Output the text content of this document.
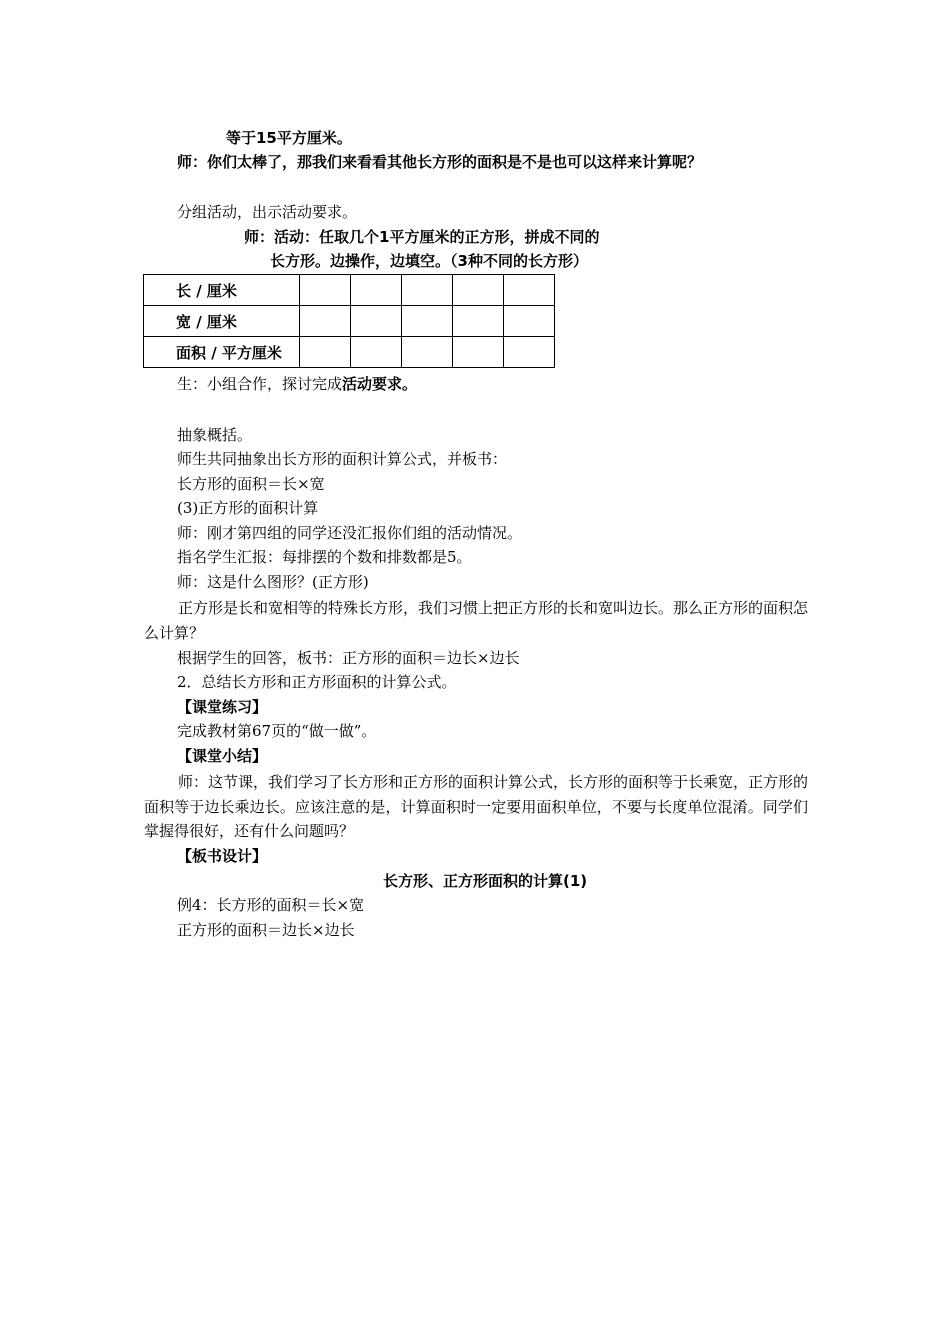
等于15平方厘米。
师：你们太棒了，那我们来看看其他长方形的面积是不是也可以这样来计算呢？
分组活动，出示活动要求。
师：活动：任取几个1平方厘米的正方形，拼成不同的
长方形。边操作，边填空。（3种不同的长方形）
长 / 厘米					
宽 / 厘米					
面积 / 平方厘米					
生：小组合作，探讨完成活动要求。
抽象概括。
师生共同抽象出长方形的面积计算公式，并板书：
长方形的面积＝长×宽
(3)正方形的面积计算
师：刚才第四组的同学还没汇报你们组的活动情况。
指名学生汇报：每排摆的个数和排数都是5。
师：这是什么图形？(正方形)
正方形是长和宽相等的特殊长方形，我们习惯上把正方形的长和宽叫边长。那么正方形的面积怎么计算？
根据学生的回答，板书：正方形的面积＝边长×边长
2．总结长方形和正方形面积的计算公式。
【课堂练习】
完成教材第67页的“做一做”。
【课堂小结】
师：这节课，我们学习了长方形和正方形的面积计算公式，长方形的面积等于长乘宽，正方形的面积等于边长乘边长。应该注意的是，计算面积时一定要用面积单位，不要与长度单位混淆。同学们掌握得很好，还有什么问题吗？
【板书设计】
长方形、正方形面积的计算(1)
例4：长方形的面积＝长×宽
正方形的面积＝边长×边长
